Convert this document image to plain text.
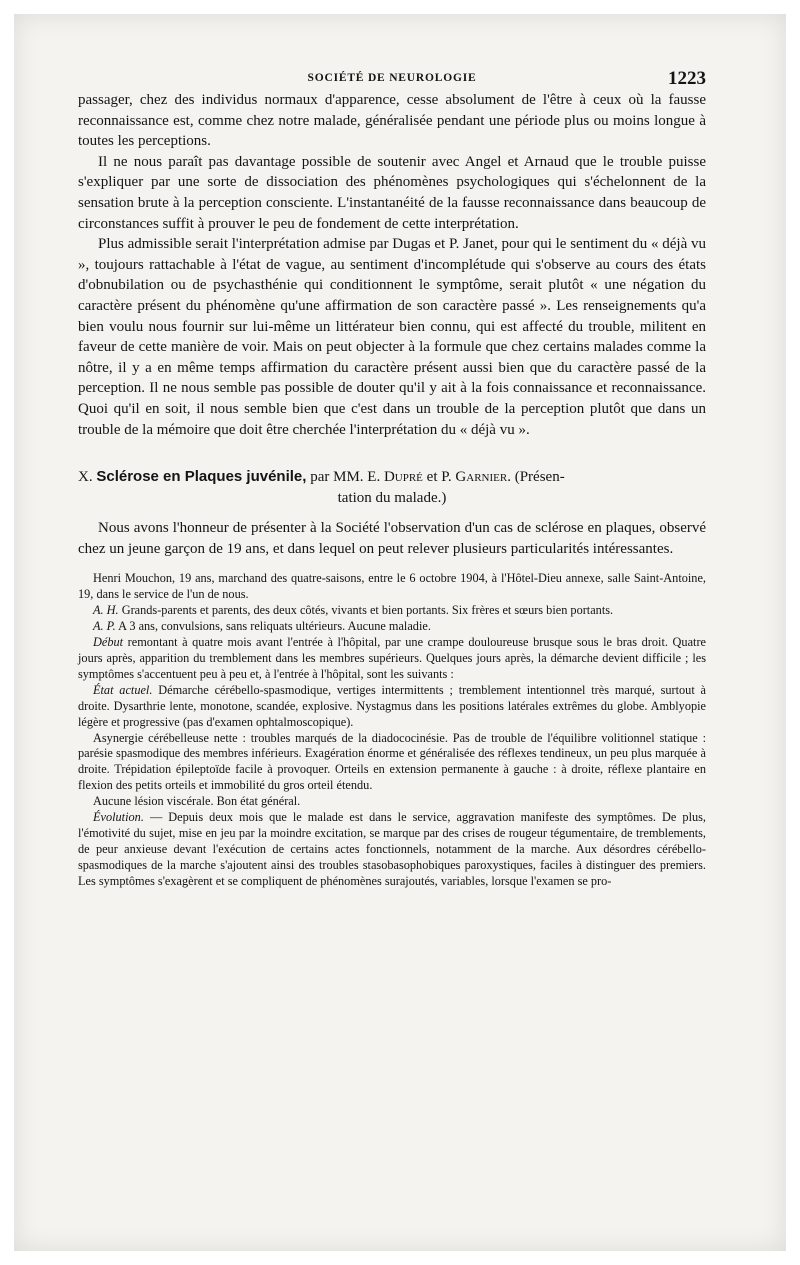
SOCIÉTÉ DE NEUROLOGIE	1223

passager, chez des individus normaux d'apparence, cesse absolument de l'être à ceux où la fausse reconnaissance est, comme chez notre malade, généralisée pendant une période plus ou moins longue à toutes les perceptions.

Il ne nous paraît pas davantage possible de soutenir avec Angel et Arnaud que le trouble puisse s'expliquer par une sorte de dissociation des phénomènes psychologiques qui s'échelonnent de la sensation brute à la perception consciente. L'instantanéité de la fausse reconnaissance dans beaucoup de circonstances suffit à prouver le peu de fondement de cette interprétation.

Plus admissible serait l'interprétation admise par Dugas et P. Janet, pour qui le sentiment du « déjà vu », toujours rattachable à l'état de vague, au sentiment d'incomplétude qui s'observe au cours des états d'obnubilation ou de psychasthénie qui conditionnent le symptôme, serait plutôt « une négation du caractère présent du phénomène qu'une affirmation de son caractère passé ». Les renseignements qu'a bien voulu nous fournir sur lui-même un littérateur bien connu, qui est affecté du trouble, militent en faveur de cette manière de voir. Mais on peut objecter à la formule que chez certains malades comme la nôtre, il y a en même temps affirmation du caractère présent aussi bien que du caractère passé de la perception. Il ne nous semble pas possible de douter qu'il y ait à la fois connaissance et reconnaissance. Quoi qu'il en soit, il nous semble bien que c'est dans un trouble de la perception plutôt que dans un trouble de la mémoire que doit être cherchée l'interprétation du « déjà vu ».

X. Sclérose en Plaques juvénile, par MM. E. Dupré et P. Garnier. (Présen-
tation du malade.)

Nous avons l'honneur de présenter à la Société l'observation d'un cas de sclérose en plaques, observé chez un jeune garçon de 19 ans, et dans lequel on peut relever plusieurs particularités intéressantes.

Henri Mouchon, 19 ans, marchand des quatre-saisons, entre le 6 octobre 1904, à l'Hôtel-Dieu annexe, salle Saint-Antoine, 19, dans le service de l'un de nous.

A. H. Grands-parents et parents, des deux côtés, vivants et bien portants. Six frères et sœurs bien portants.

A. P. A 3 ans, convulsions, sans reliquats ultérieurs. Aucune maladie.

Début remontant à quatre mois avant l'entrée à l'hôpital, par une crampe douloureuse brusque sous le bras droit. Quatre jours après, apparition du tremblement dans les membres supérieurs. Quelques jours après, la démarche devient difficile ; les symptômes s'accentuent peu à peu et, à l'entrée à l'hôpital, sont les suivants :

État actuel. Démarche cérébello-spasmodique, vertiges intermittents ; tremblement intentionnel très marqué, surtout à droite. Dysarthrie lente, monotone, scandée, explosive. Nystagmus dans les positions latérales extrêmes du globe. Amblyopie légère et progressive (pas d'examen ophtalmoscopique).

Asynergie cérébelleuse nette : troubles marqués de la diadococinésie. Pas de trouble de l'équilibre volitionnel statique : parésie spasmodique des membres inférieurs. Exagération énorme et généralisée des réflexes tendineux, un peu plus marquée à droite. Trépidation épileptoïde facile à provoquer. Orteils en extension permanente à gauche : à droite, réflexe plantaire en flexion des petits orteils et immobilité du gros orteil étendu.

Aucune lésion viscérale. Bon état général.

Évolution. — Depuis deux mois que le malade est dans le service, aggravation manifeste des symptômes. De plus, l'émotivité du sujet, mise en jeu par la moindre excitation, se marque par des crises de rougeur tégumentaire, de tremblements, de peur anxieuse devant l'exécution de certains actes fonctionnels, notamment de la marche. Aux désordres cérébello-spasmodiques de la marche s'ajoutent ainsi des troubles stasobasophobiques paroxystiques, faciles à distinguer des premiers. Les symptômes s'exagèrent et se compliquent de phénomènes surajoutés, variables, lorsque l'examen se pro-
